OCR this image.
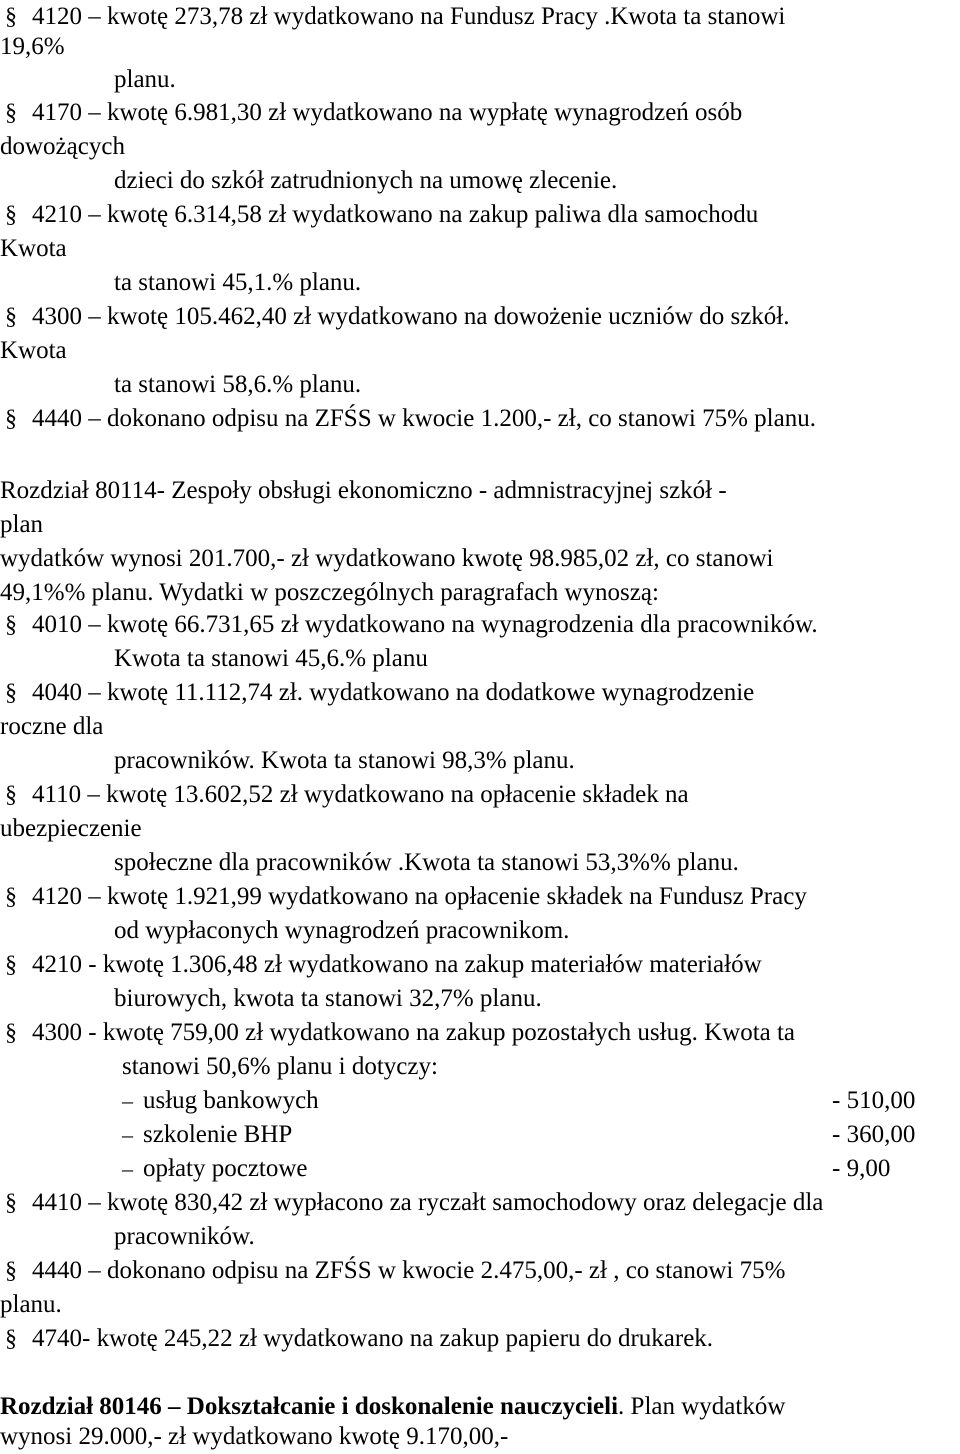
§ 4120 – kwotę 273,78 zł wydatkowano na Fundusz Pracy .Kwota ta stanowi
19,6%
planu.
§ 4170 – kwotę 6.981,30 zł wydatkowano na wypłatę wynagrodzeń osób
dowożących
dzieci do szkół zatrudnionych na umowę zlecenie.
§ 4210 – kwotę 6.314,58 zł wydatkowano na zakup paliwa dla samochodu
Kwota
ta stanowi 45,1.% planu.
§ 4300 – kwotę 105.462,40 zł wydatkowano na dowożenie uczniów do szkół.
Kwota
ta stanowi 58,6.% planu.
§ 4440 – dokonano odpisu na ZFŚS w kwocie 1.200,- zł, co stanowi 75% planu.
Rozdział 80114- Zespoły obsługi ekonomiczno - admnistracyjnej szkół -
plan
wydatków wynosi 201.700,- zł wydatkowano kwotę 98.985,02 zł, co stanowi
49,1%% planu. Wydatki w poszczególnych paragrafach wynoszą:
§ 4010 – kwotę 66.731,65 zł wydatkowano na wynagrodzenia dla pracowników.
Kwota ta stanowi 45,6.% planu
§ 4040 – kwotę 11.112,74 zł. wydatkowano na dodatkowe wynagrodzenie
roczne dla
pracowników. Kwota ta stanowi 98,3% planu.
§ 4110 – kwotę 13.602,52 zł wydatkowano na opłacenie składek na
ubezpieczenie
społeczne dla pracowników .Kwota ta stanowi 53,3%% planu.
§ 4120 – kwotę 1.921,99 wydatkowano na opłacenie składek na Fundusz Pracy
od wypłaconych wynagrodzeń pracownikom.
§ 4210 - kwotę 1.306,48 zł wydatkowano na zakup materiałów materiałów
biurowych, kwota ta stanowi 32,7% planu.
§ 4300 - kwotę 759,00 zł wydatkowano na zakup pozostałych usług. Kwota ta
stanowi 50,6% planu i dotyczy:
– usług bankowych	- 510,00
– szkolenie BHP	- 360,00
– opłaty pocztowe	- 9,00
§ 4410 – kwotę 830,42 zł wypłacono za ryczałt samochodowy oraz delegacje dla
pracowników.
§ 4440 – dokonano odpisu na ZFŚS w kwocie 2.475,00,- zł , co stanowi 75%
planu.
§ 4740- kwotę 245,22 zł wydatkowano na zakup papieru do drukarek.
Rozdział 80146 – Dokształcanie i doskonalenie nauczycieli. Plan wydatków
wynosi 29.000,- zł wydatkowano kwotę 9.170,00,-
